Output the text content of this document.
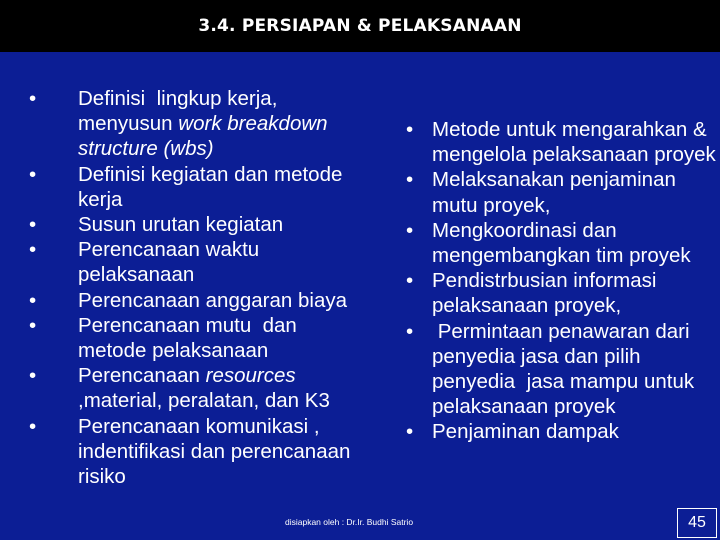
3.4. PERSIAPAN & PELAKSANAAN
• Definisi  lingkup kerja, menyusun work breakdown structure (wbs)
• Definisi kegiatan dan metode kerja
• Susun urutan kegiatan
• Perencanaan waktu pelaksanaan
• Perencanaan anggaran biaya
• Perencanaan mutu  dan metode pelaksanaan
• Perencanaan resources ,material, peralatan, dan K3
• Perencanaan komunikasi , indentifikasi dan perencanaan risiko
• Metode untuk mengarahkan & mengelola pelaksanaan proyek
• Melaksanakan penjaminan mutu proyek,
• Mengkoordinasi dan mengembangkan tim proyek
• Pendistrbusian informasi pelaksanaan proyek,
• Permintaan penawaran dari penyedia jasa dan pilih penyedia  jasa mampu untuk pelaksanaan proyek
• Penjaminan dampak
disiapkan oleh : Dr.Ir. Budhi Satrio	45
